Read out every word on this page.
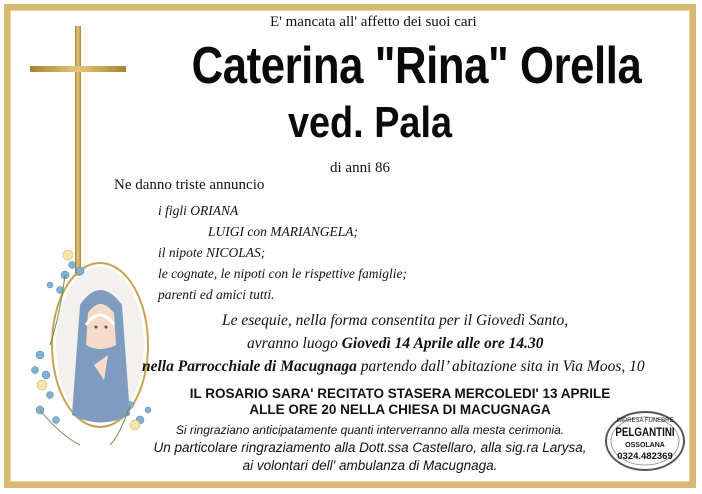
E' mancata all' affetto dei suoi cari
Caterina "Rina" Orella
ved. Pala
di anni 86
Ne danno triste annuncio
i figli ORIANA
LUIGI con MARIANGELA;
il nipote NICOLAS;
le cognate, le nipoti con le rispettive famiglie;
parenti ed amici tutti.
Le esequie, nella forma consentita per il Giovedì Santo,
avranno luogo Giovedì 14 Aprile alle ore 14.30
nella Parrocchiale di Macugnaga partendo dall’ abitazione sita in Via Moos, 10
IL ROSARIO SARA' RECITATO STASERA MERCOLEDI' 13 APRILE
ALLE ORE 20 NELLA CHIESA DI MACUGNAGA
Si ringraziano anticipatamente quanti interverranno alla mesta cerimonia.
Un particolare ringraziamento alla Dott.ssa Castellaro, alla sig.ra Larysa,
ai volontari dell' ambulanza di Macugnaga.
IMPRESA FUNEBRE
PELGANTINI
OSSOLANA
0324.482369
